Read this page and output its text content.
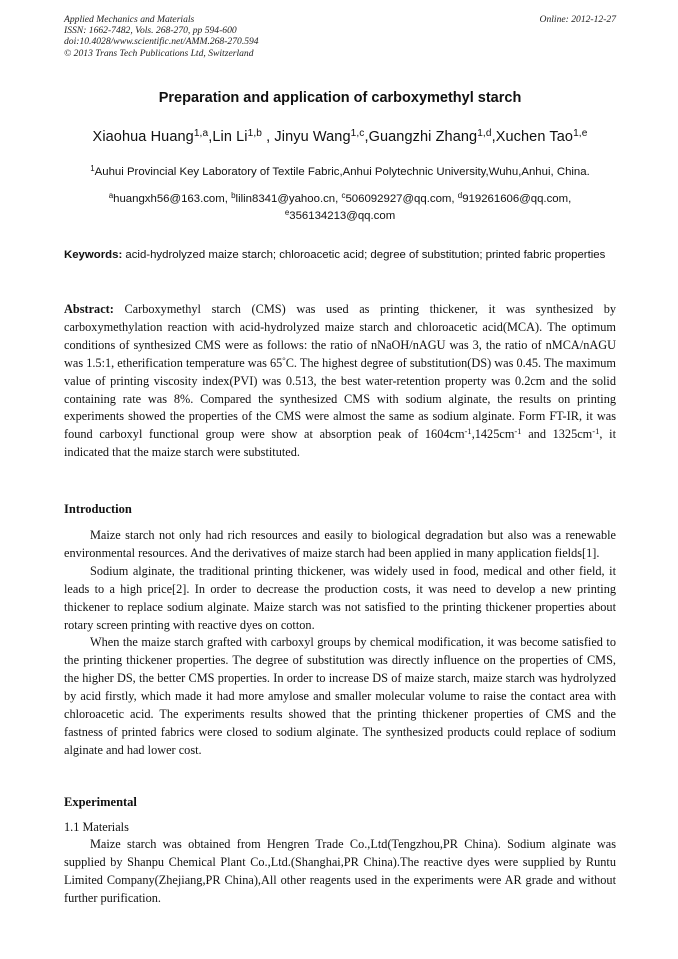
Applied Mechanics and Materials
ISSN: 1662-7482, Vols. 268-270, pp 594-600
doi:10.4028/www.scientific.net/AMM.268-270.594
© 2013 Trans Tech Publications Ltd, Switzerland
Online: 2012-12-27
Preparation and application of carboxymethyl starch
Xiaohua Huang$^{1,a}$,Lin Li$^{1,b}$ , Jinyu Wang$^{1,c}$,Guangzhi Zhang$^{1,d}$,Xuchen Tao$^{1,e}$
$^1$Auhui Provincial Key Laboratory of Textile Fabric,Anhui Polytechnic University,Wuhu,Anhui, China.
$^a$huangxh56@163.com, $^b$lilin8341@yahoo.cn, $^c$506092927@qq.com, $^d$919261606@qq.com,
$^e$356134213@qq.com
Keywords: acid-hydrolyzed maize starch; chloroacetic acid; degree of substitution; printed fabric properties
Abstract: Carboxymethyl starch (CMS) was used as printing thickener, it was synthesized by carboxymethylation reaction with acid-hydrolyzed maize starch and chloroacetic acid(MCA). The optimum conditions of synthesized CMS were as follows: the ratio of nNaOH/nAGU was 3, the ratio of nMCA/nAGU was 1.5:1, etherification temperature was 65°C. The highest degree of substitution(DS) was 0.45. The maximum value of printing viscosity index(PVI) was 0.513, the best water-retention property was 0.2cm and the solid containing rate was 8%. Compared the synthesized CMS with sodium alginate, the results on printing experiments showed the properties of the CMS were almost the same as sodium alginate. Form FT-IR, it was found carboxyl functional group were show at absorption peak of $1604cm^{-1},1425cm^{-1}$ and $1325cm^{-1}$, it indicated that the maize starch were substituted.
Introduction

Maize starch not only had rich resources and easily to biological degradation but also was a renewable environmental resources. And the derivatives of maize starch had been applied in many application fields[1].

Sodium alginate, the traditional printing thickener, was widely used in food, medical and other field, it leads to a high price[2]. In order to decrease the production costs, it was need to develop a new printing thickener to replace sodium alginate. Maize starch was not satisfied to the printing thickener properties about rotary screen printing with reactive dyes on cotton.

When the maize starch grafted with carboxyl groups by chemical modification, it was become satisfied to the printing thickener properties. The degree of substitution was directly influence on the properties of CMS, the higher DS, the better CMS properties. In order to increase DS of maize starch, maize starch was hydrolyzed by acid firstly, which made it had more amylose and smaller molecular volume to raise the contact area with chloroacetic acid. The experiments results showed that the printing thickener properties of CMS and the fastness of printed fabrics were closed to sodium alginate. The synthesized products could replace of sodium alginate and had lower cost.

Experimental
1.1 Materials

Maize starch was obtained from Hengren Trade Co.,Ltd(Tengzhou,PR China). Sodium alginate was supplied by Shanpu Chemical Plant Co.,Ltd.(Shanghai,PR China).The reactive dyes were supplied by Runtu Limited Company(Zhejiang,PR China),All other reagents used in the experiments were AR grade and without further purification.
